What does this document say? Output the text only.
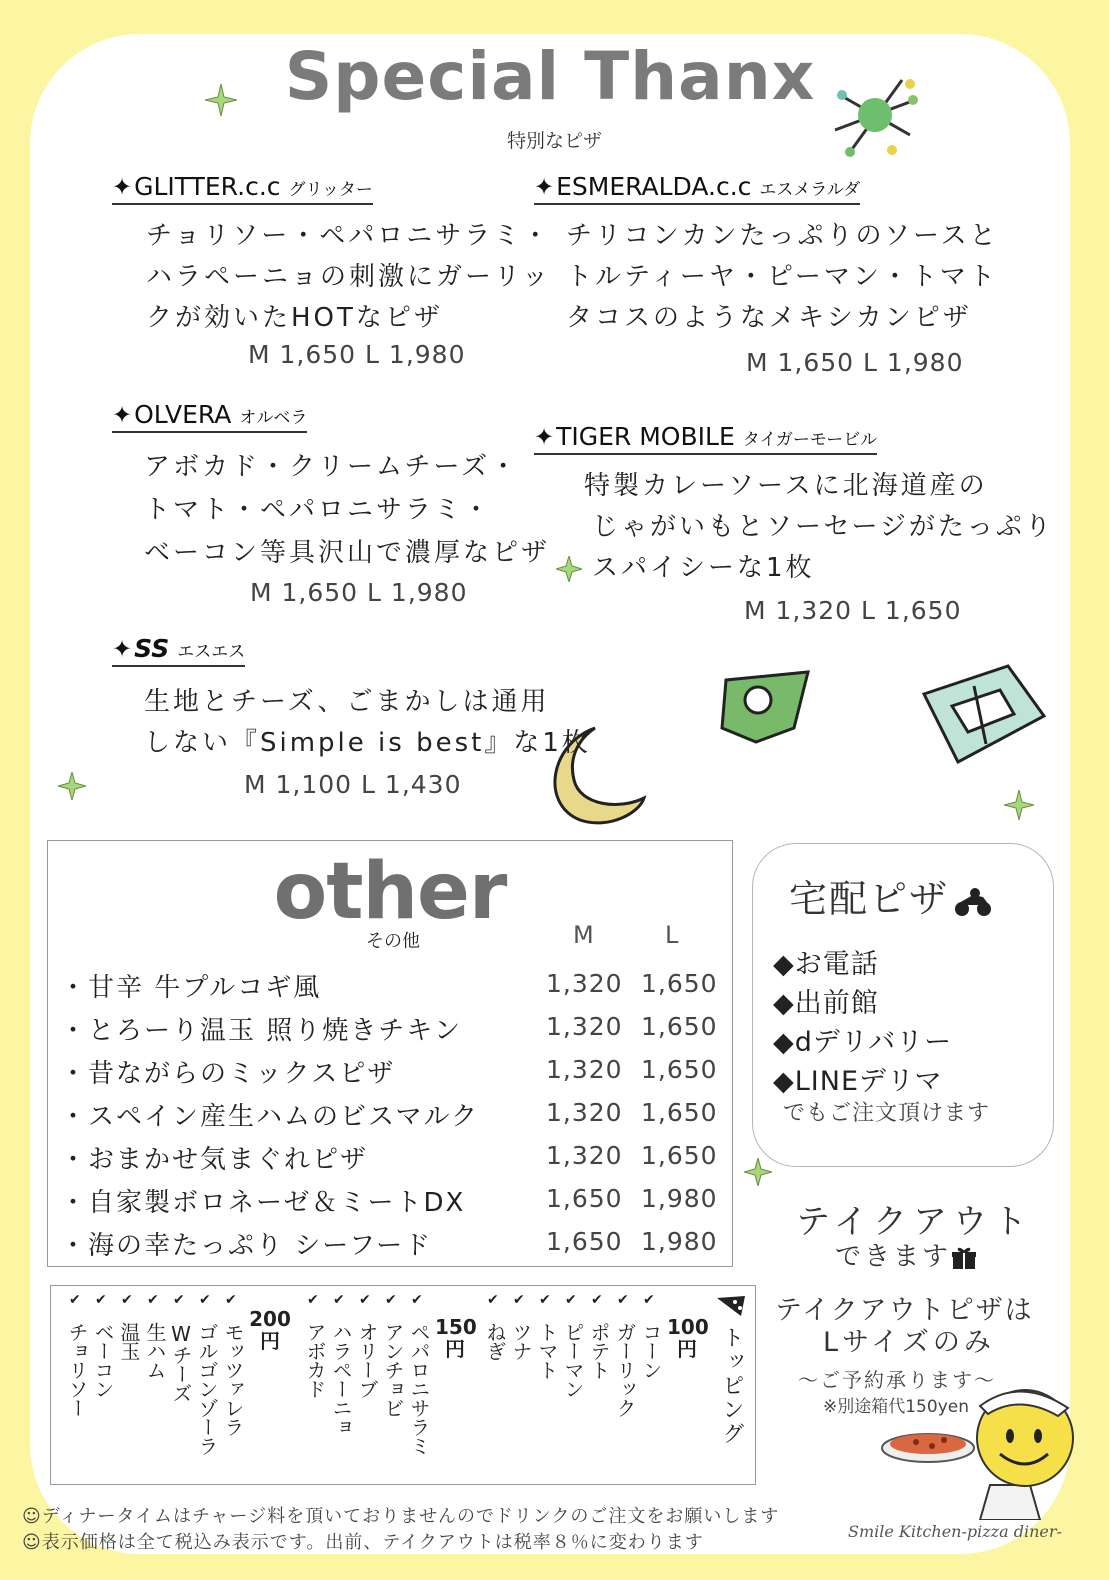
Special Thanx
特別なピザ
✦GLITTER.c.c グリッター
チョリソー・ペパロニサラミ・
ハラペーニョの刺激にガーリッ
クが効いたHOTなピザ
M 1,650 L 1,980
✦ESMERALDA.c.c エスメラルダ
チリコンカンたっぷりのソースと
トルティーヤ・ピーマン・トマト
タコスのようなメキシカンピザ
M 1,650 L 1,980
✦OLVERA オルベラ
アボカド・クリームチーズ・
トマト・ペパロニサラミ・
ベーコン等具沢山で濃厚なピザ
M 1,650 L 1,980
✦TIGER MOBILE タイガーモービル
特製カレーソースに北海道産の
じゃがいもとソーセージがたっぷり
スパイシーな1枚
M 1,320 L 1,650
✦SS エスエス
生地とチーズ、ごまかしは通用
しない『Simple is best』な1枚
M 1,100 L 1,430
other
その他	M	L
・甘辛 牛プルコギ風	1,320 1,650
・とろーり温玉 照り焼きチキン	1,320 1,650
・昔ながらのミックスピザ	1,320 1,650
・スペイン産生ハムのビスマルク	1,320 1,650
・おまかせ気まぐれピザ	1,320 1,650
・自家製ボロネーゼ＆ミートDX	1,650 1,980
・海の幸たっぷり シーフード	1,650 1,980
宅配ピザ
◆お電話
◆出前館
◆dデリバリー
◆LINEデリマ
でもご注文頂けます
テイクアウト
できます
テイクアウトピザは
Lサイズのみ
～ご予約承ります～
※別途箱代150yen
トッピング
100円
✔
コーン
✔
ガーリック
✔
ポテト
✔
ピーマン
✔
トマト
✔
ツナ
✔
ねぎ
150円
✔
ペパロニサラミ
✔
アンチョビ
✔
オリーブ
✔
ハラペーニョ
✔
アボカド
200円
✔
モッツァレラ
✔
ゴルゴンゾーラ
✔
Wチーズ
✔
生ハム
✔
温玉
✔
ベーコン
✔
チョリソー
☺ディナータイムはチャージ料を頂いておりませんのでドリンクのご注文をお願いします
☺表示価格は全て税込み表示です。出前、テイクアウトは税率８％に変わります
Smile Kitchen-pizza diner-
